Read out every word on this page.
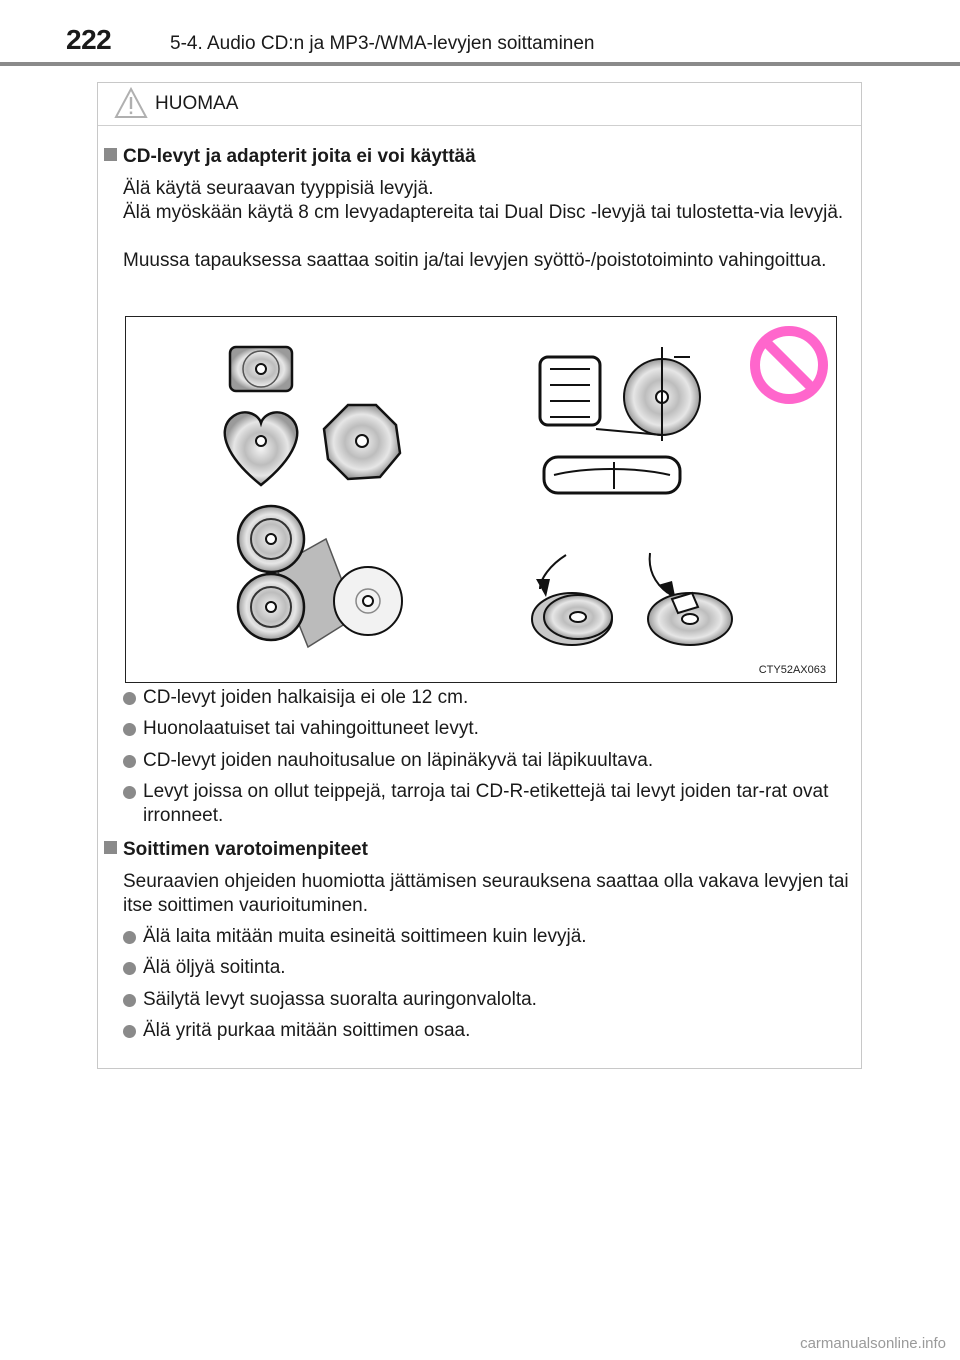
222	5-4. Audio CD:n ja MP3-/WMA-levyjen soittaminen
HUOMAA
CD-levyt ja adapterit joita ei voi käyttää
Älä käytä seuraavan tyyppisiä levyjä.
Älä myöskään käytä 8 cm levyadaptereita tai Dual Disc -levyjä tai tulostetta-via levyjä.
Muussa tapauksessa saattaa soitin ja/tai levyjen syöttö-/poistotoiminto vahingoittua.
CTY52AX063
CD-levyt joiden halkaisija ei ole 12 cm.
Huonolaatuiset tai vahingoittuneet levyt.
CD-levyt joiden nauhoitusalue on läpinäkyvä tai läpikuultava.
Levyt joissa on ollut teippejä, tarroja tai CD-R-etikettejä tai levyt joiden tar-rat ovat irronneet.
Soittimen varotoimenpiteet
Seuraavien ohjeiden huomiotta jättämisen seurauksena saattaa olla vakava levyjen tai itse soittimen vaurioituminen.
Älä laita mitään muita esineitä soittimeen kuin levyjä.
Älä öljyä soitinta.
Säilytä levyt suojassa suoralta auringonvalolta.
Älä yritä purkaa mitään soittimen osaa.
carmanualsonline.info
